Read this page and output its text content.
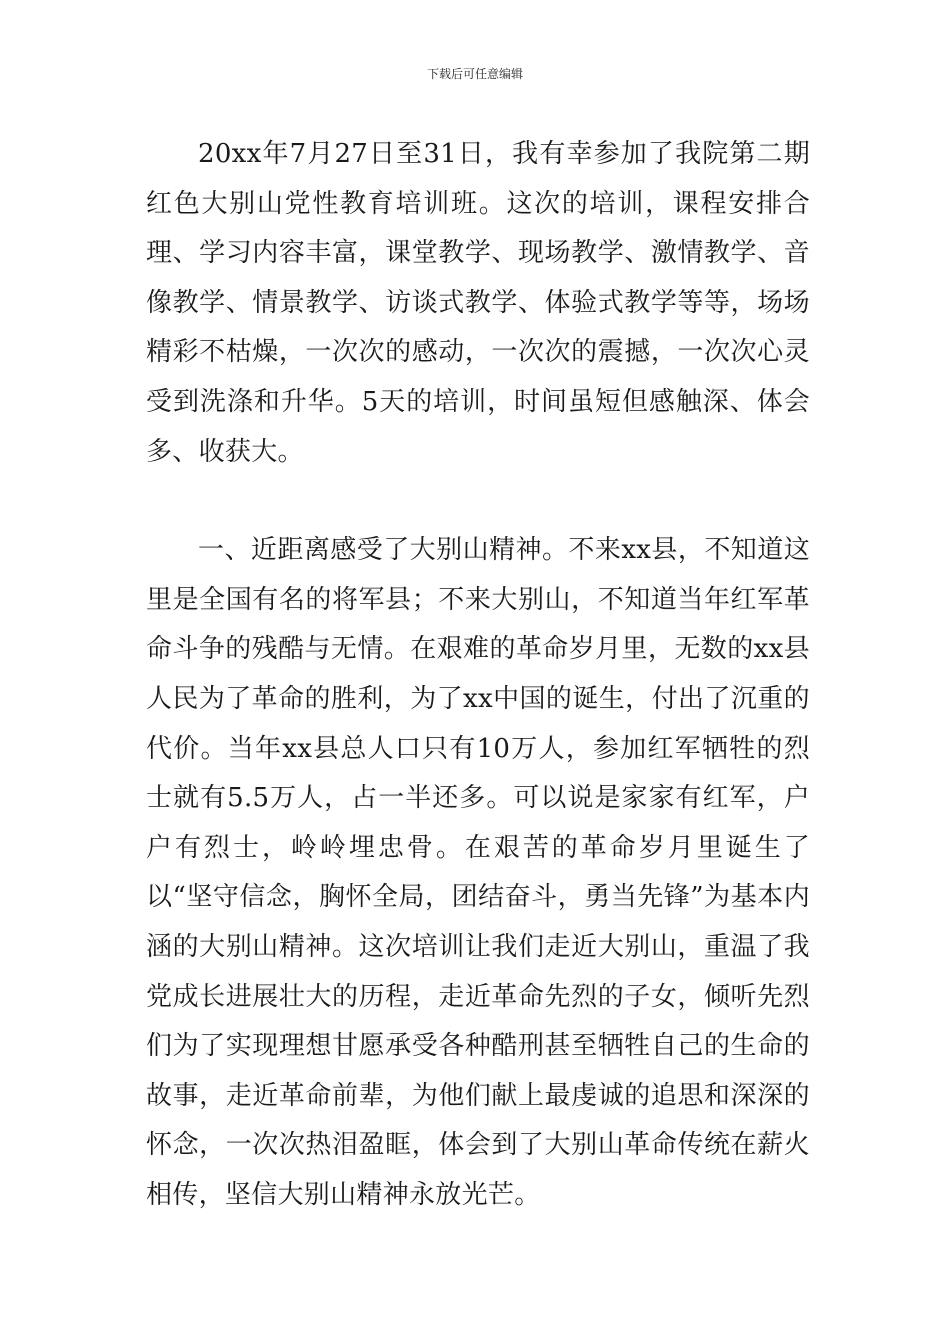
下载后可任意编辑

20xx年7月27日至31日，我有幸参加了我院第二期红色大别山党性教育培训班。这次的培训，课程安排合理、学习内容丰富，课堂教学、现场教学、激情教学、音像教学、情景教学、访谈式教学、体验式教学等等，场场精彩不枯燥，一次次的感动，一次次的震撼，一次次心灵受到洗涤和升华。5天的培训，时间虽短但感触深、体会多、收获大。

一、近距离感受了大别山精神。不来xx县，不知道这里是全国有名的将军县；不来大别山，不知道当年红军革命斗争的残酷与无情。在艰难的革命岁月里，无数的xx县人民为了革命的胜利，为了xx中国的诞生，付出了沉重的代价。当年xx县总人口只有10万人，参加红军牺牲的烈士就有5.5万人，占一半还多。可以说是家家有红军，户户有烈士，岭岭埋忠骨。在艰苦的革命岁月里诞生了以“坚守信念，胸怀全局，团结奋斗，勇当先锋”为基本内涵的大别山精神。这次培训让我们走近大别山，重温了我党成长进展壮大的历程，走近革命先烈的子女，倾听先烈们为了实现理想甘愿承受各种酷刑甚至牺牲自己的生命的故事，走近革命前辈，为他们献上最虔诚的追思和深深的怀念，一次次热泪盈眶，体会到了大别山革命传统在薪火相传，坚信大别山精神永放光芒。
